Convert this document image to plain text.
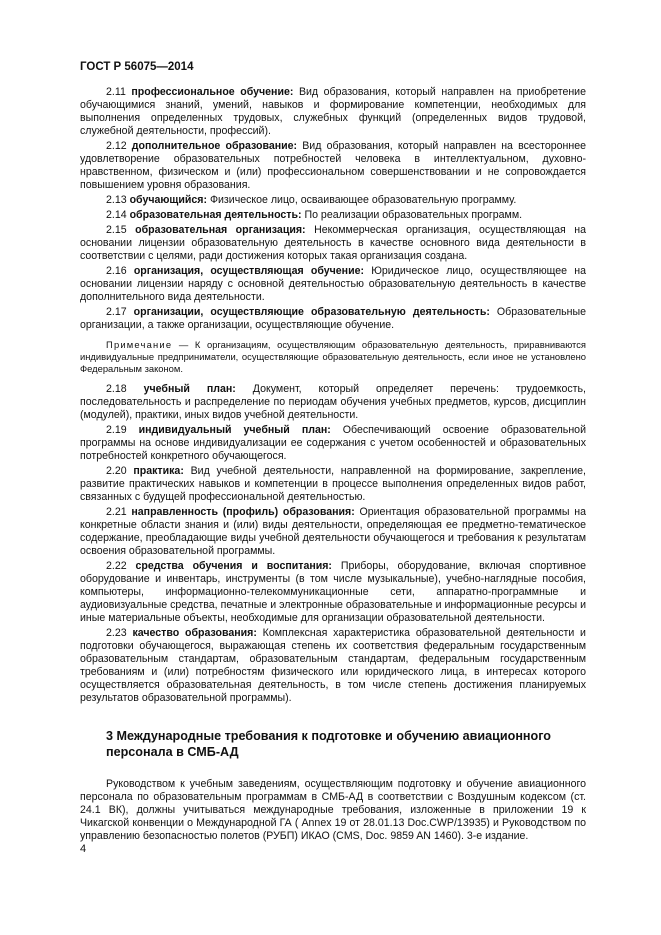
ГОСТ Р 56075—2014

2.11 профессиональное обучение: Вид образования, который направлен на приобретение обучающимися знаний, умений, навыков и формирование компетенции, необходимых для выполнения определенных трудовых, служебных функций (определенных видов трудовой, служебной деятельности, профессий).

2.12 дополнительное образование: Вид образования, который направлен на всестороннее удовлетворение образовательных потребностей человека в интеллектуальном, духовно-нравственном, физическом и (или) профессиональном совершенствовании и не сопровождается повышением уровня образования.

2.13 обучающийся: Физическое лицо, осваивающее образовательную программу.

2.14 образовательная деятельность: По реализации образовательных программ.

2.15 образовательная организация: Некоммерческая организация, осуществляющая на основании лицензии образовательную деятельность в качестве основного вида деятельности в соответствии с целями, ради достижения которых такая организация создана.

2.16 организация, осуществляющая обучение: Юридическое лицо, осуществляющее на основании лицензии наряду с основной деятельностью образовательную деятельность в качестве дополнительного вида деятельности.

2.17 организации, осуществляющие образовательную деятельность: Образовательные организации, а также организации, осуществляющие обучение.

Примечание — К организациям, осуществляющим образовательную деятельность, приравниваются индивидуальные предприниматели, осуществляющие образовательную деятельность, если иное не установлено Федеральным законом.

2.18 учебный план: Документ, который определяет перечень: трудоемкость, последовательность и распределение по периодам обучения учебных предметов, курсов, дисциплин (модулей), практики, иных видов учебной деятельности.

2.19 индивидуальный учебный план: Обеспечивающий освоение образовательной программы на основе индивидуализации ее содержания с учетом особенностей и образовательных потребностей конкретного обучающегося.

2.20 практика: Вид учебной деятельности, направленной на формирование, закрепление, развитие практических навыков и компетенции в процессе выполнения определенных видов работ, связанных с будущей профессиональной деятельностью.

2.21 направленность (профиль) образования: Ориентация образовательной программы на конкретные области знания и (или) виды деятельности, определяющая ее предметно-тематическое содержание, преобладающие виды учебной деятельности обучающегося и требования к результатам освоения образовательной программы.

2.22 средства обучения и воспитания: Приборы, оборудование, включая спортивное оборудование и инвентарь, инструменты (в том числе музыкальные), учебно-наглядные пособия, компьютеры, информационно-телекоммуникационные сети, аппаратно-программные и аудиовизуальные средства, печатные и электронные образовательные и информационные ресурсы и иные материальные объекты, необходимые для организации образовательной деятельности.

2.23 качество образования: Комплексная характеристика образовательной деятельности и подготовки обучающегося, выражающая степень их соответствия федеральным государственным образовательным стандартам, образовательным стандартам, федеральным государственным требованиям и (или) потребностям физического или юридического лица, в интересах которого осуществляется образовательная деятельность, в том числе степень достижения планируемых результатов образовательной программы).

3 Международные требования к подготовке и обучению авиационного персонала в СМБ-АД

Руководством к учебным заведениям, осуществляющим подготовку и обучение авиационного персонала по образовательным программам в СМБ-АД в соответствии с Воздушным кодексом (ст. 24.1 ВК), должны учитываться международные требования, изложенные в приложении 19 к Чикагской конвенции о Международной ГА ( Annex 19 от 28.01.13 Doc.CWP/13935) и Руководством по управлению безопасностью полетов (РУБП) ИКАО (CMS, Doc. 9859 AN 1460). 3-е издание.

4
